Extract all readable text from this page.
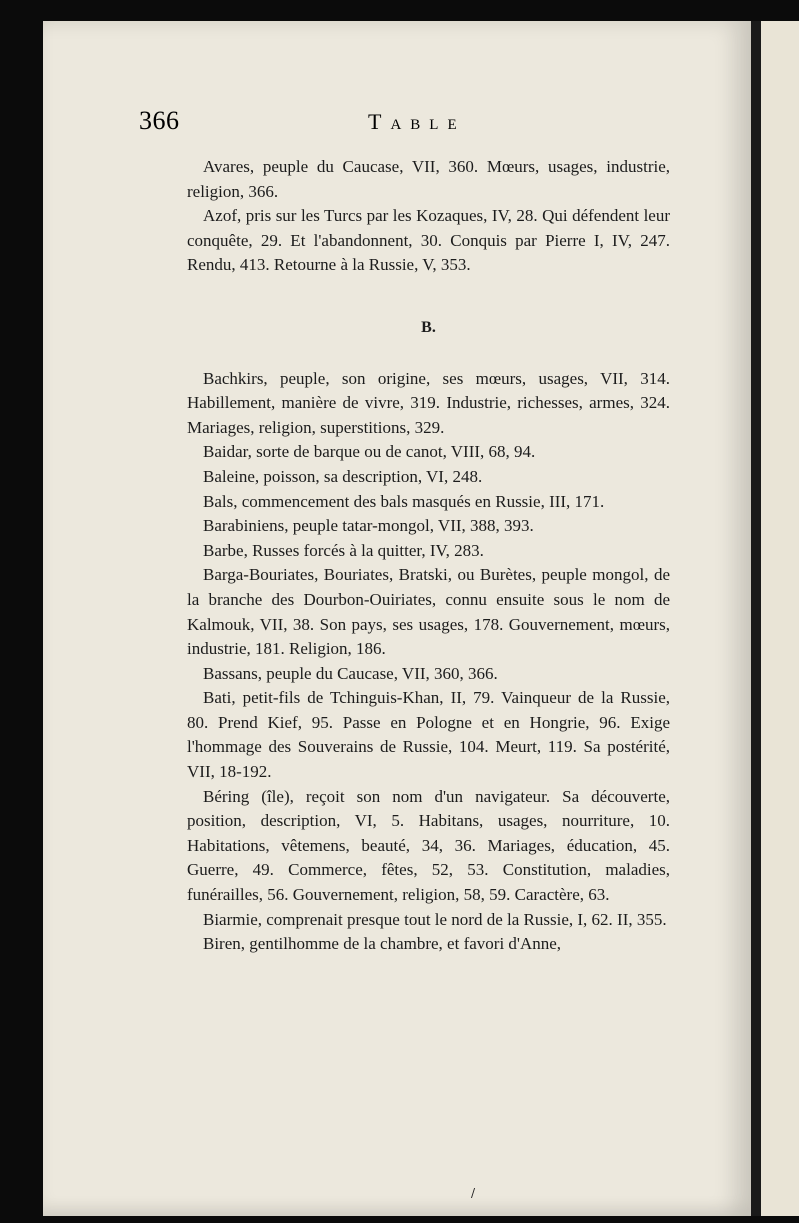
366	Table

Avares, peuple du Caucase, VII, 360. Mœurs, usages, industrie, religion, 366.

Azof, pris sur les Turcs par les Kozaques, IV, 28. Qui défendent leur conquête, 29. Et l'abandonnent, 30. Conquis par Pierre I, IV, 247. Rendu, 413. Retourne à la Russie, V, 353.

B.

Bachkirs, peuple, son origine, ses mœurs, usages, VII, 314. Habillement, manière de vivre, 319. Industrie, richesses, armes, 324. Mariages, religion, superstitions, 329.

Baidar, sorte de barque ou de canot, VIII, 68, 94.

Baleine, poisson, sa description, VI, 248.

Bals, commencement des bals masqués en Russie, III, 171.

Barabiniens, peuple tatar-mongol, VII, 388, 393.

Barbe, Russes forcés à la quitter, IV, 283.

Barga-Bouriates, Bouriates, Bratski, ou Burètes, peuple mongol, de la branche des Dourbon-Ouiriates, connu ensuite sous le nom de Kalmouk, VII, 38. Son pays, ses usages, 178. Gouvernement, mœurs, industrie, 181. Religion, 186.

Bassans, peuple du Caucase, VII, 360, 366.

Bati, petit-fils de Tchinguis-Khan, II, 79. Vainqueur de la Russie, 80. Prend Kief, 95. Passe en Pologne et en Hongrie, 96. Exige l'hommage des Souverains de Russie, 104. Meurt, 119. Sa postérité, VII, 18-192.

Béring (île), reçoit son nom d'un navigateur. Sa découverte, position, description, VI, 5. Habitans, usages, nourriture, 10. Habitations, vêtemens, beauté, 34, 36. Mariages, éducation, 45. Guerre, 49. Commerce, fêtes, 52, 53. Constitution, maladies, funérailles, 56. Gouvernement, religion, 58, 59. Caractère, 63.

Biarmie, comprenait presque tout le nord de la Russie, I, 62. II, 355.

Biren, gentilhomme de la chambre, et favori d'Anne,

/
